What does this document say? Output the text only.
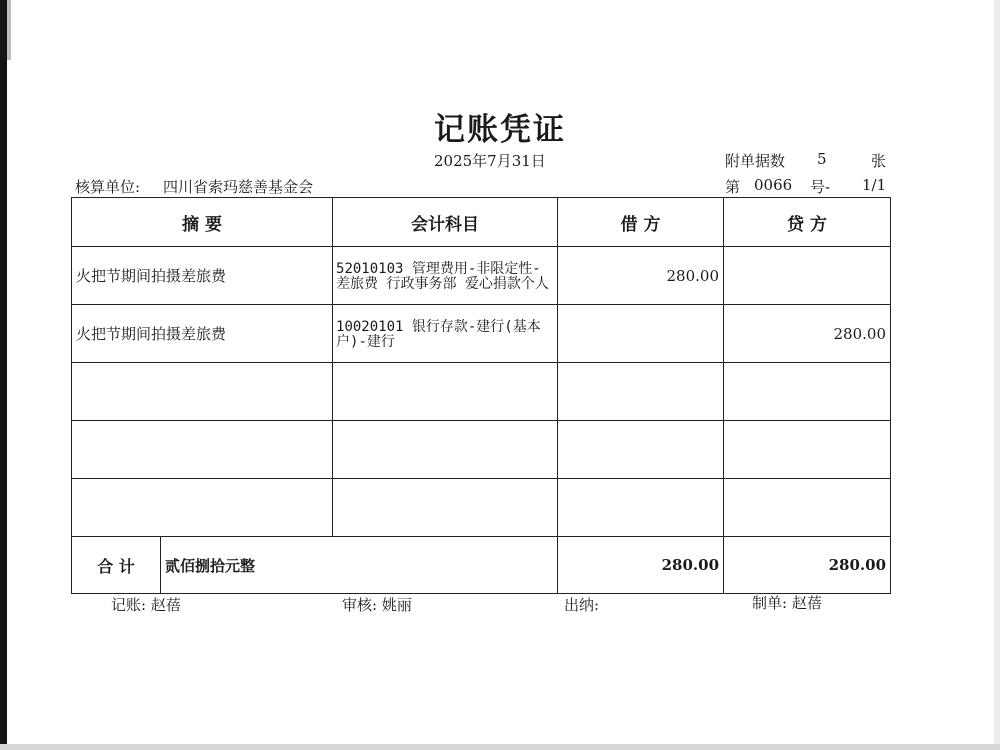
记账凭证
2025年7月31日	附单据数 5	张
核算单位: 四川省索玛慈善基金会	第 0066 号- 1/1
摘 要		会计科目	借 方	贷 方
火把节期间拍摄差旅费		52010103 管理费用-非限定性-差旅费 行政事务部 爱心捐款个人	280.00	
火把节期间拍摄差旅费		10020101 银行存款-建行(基本户)-建行		280.00

合 计	贰佰捌拾元整		280.00	280.00
记账: 赵蓓	审核: 姚丽	出纳:	制单: 赵蓓
